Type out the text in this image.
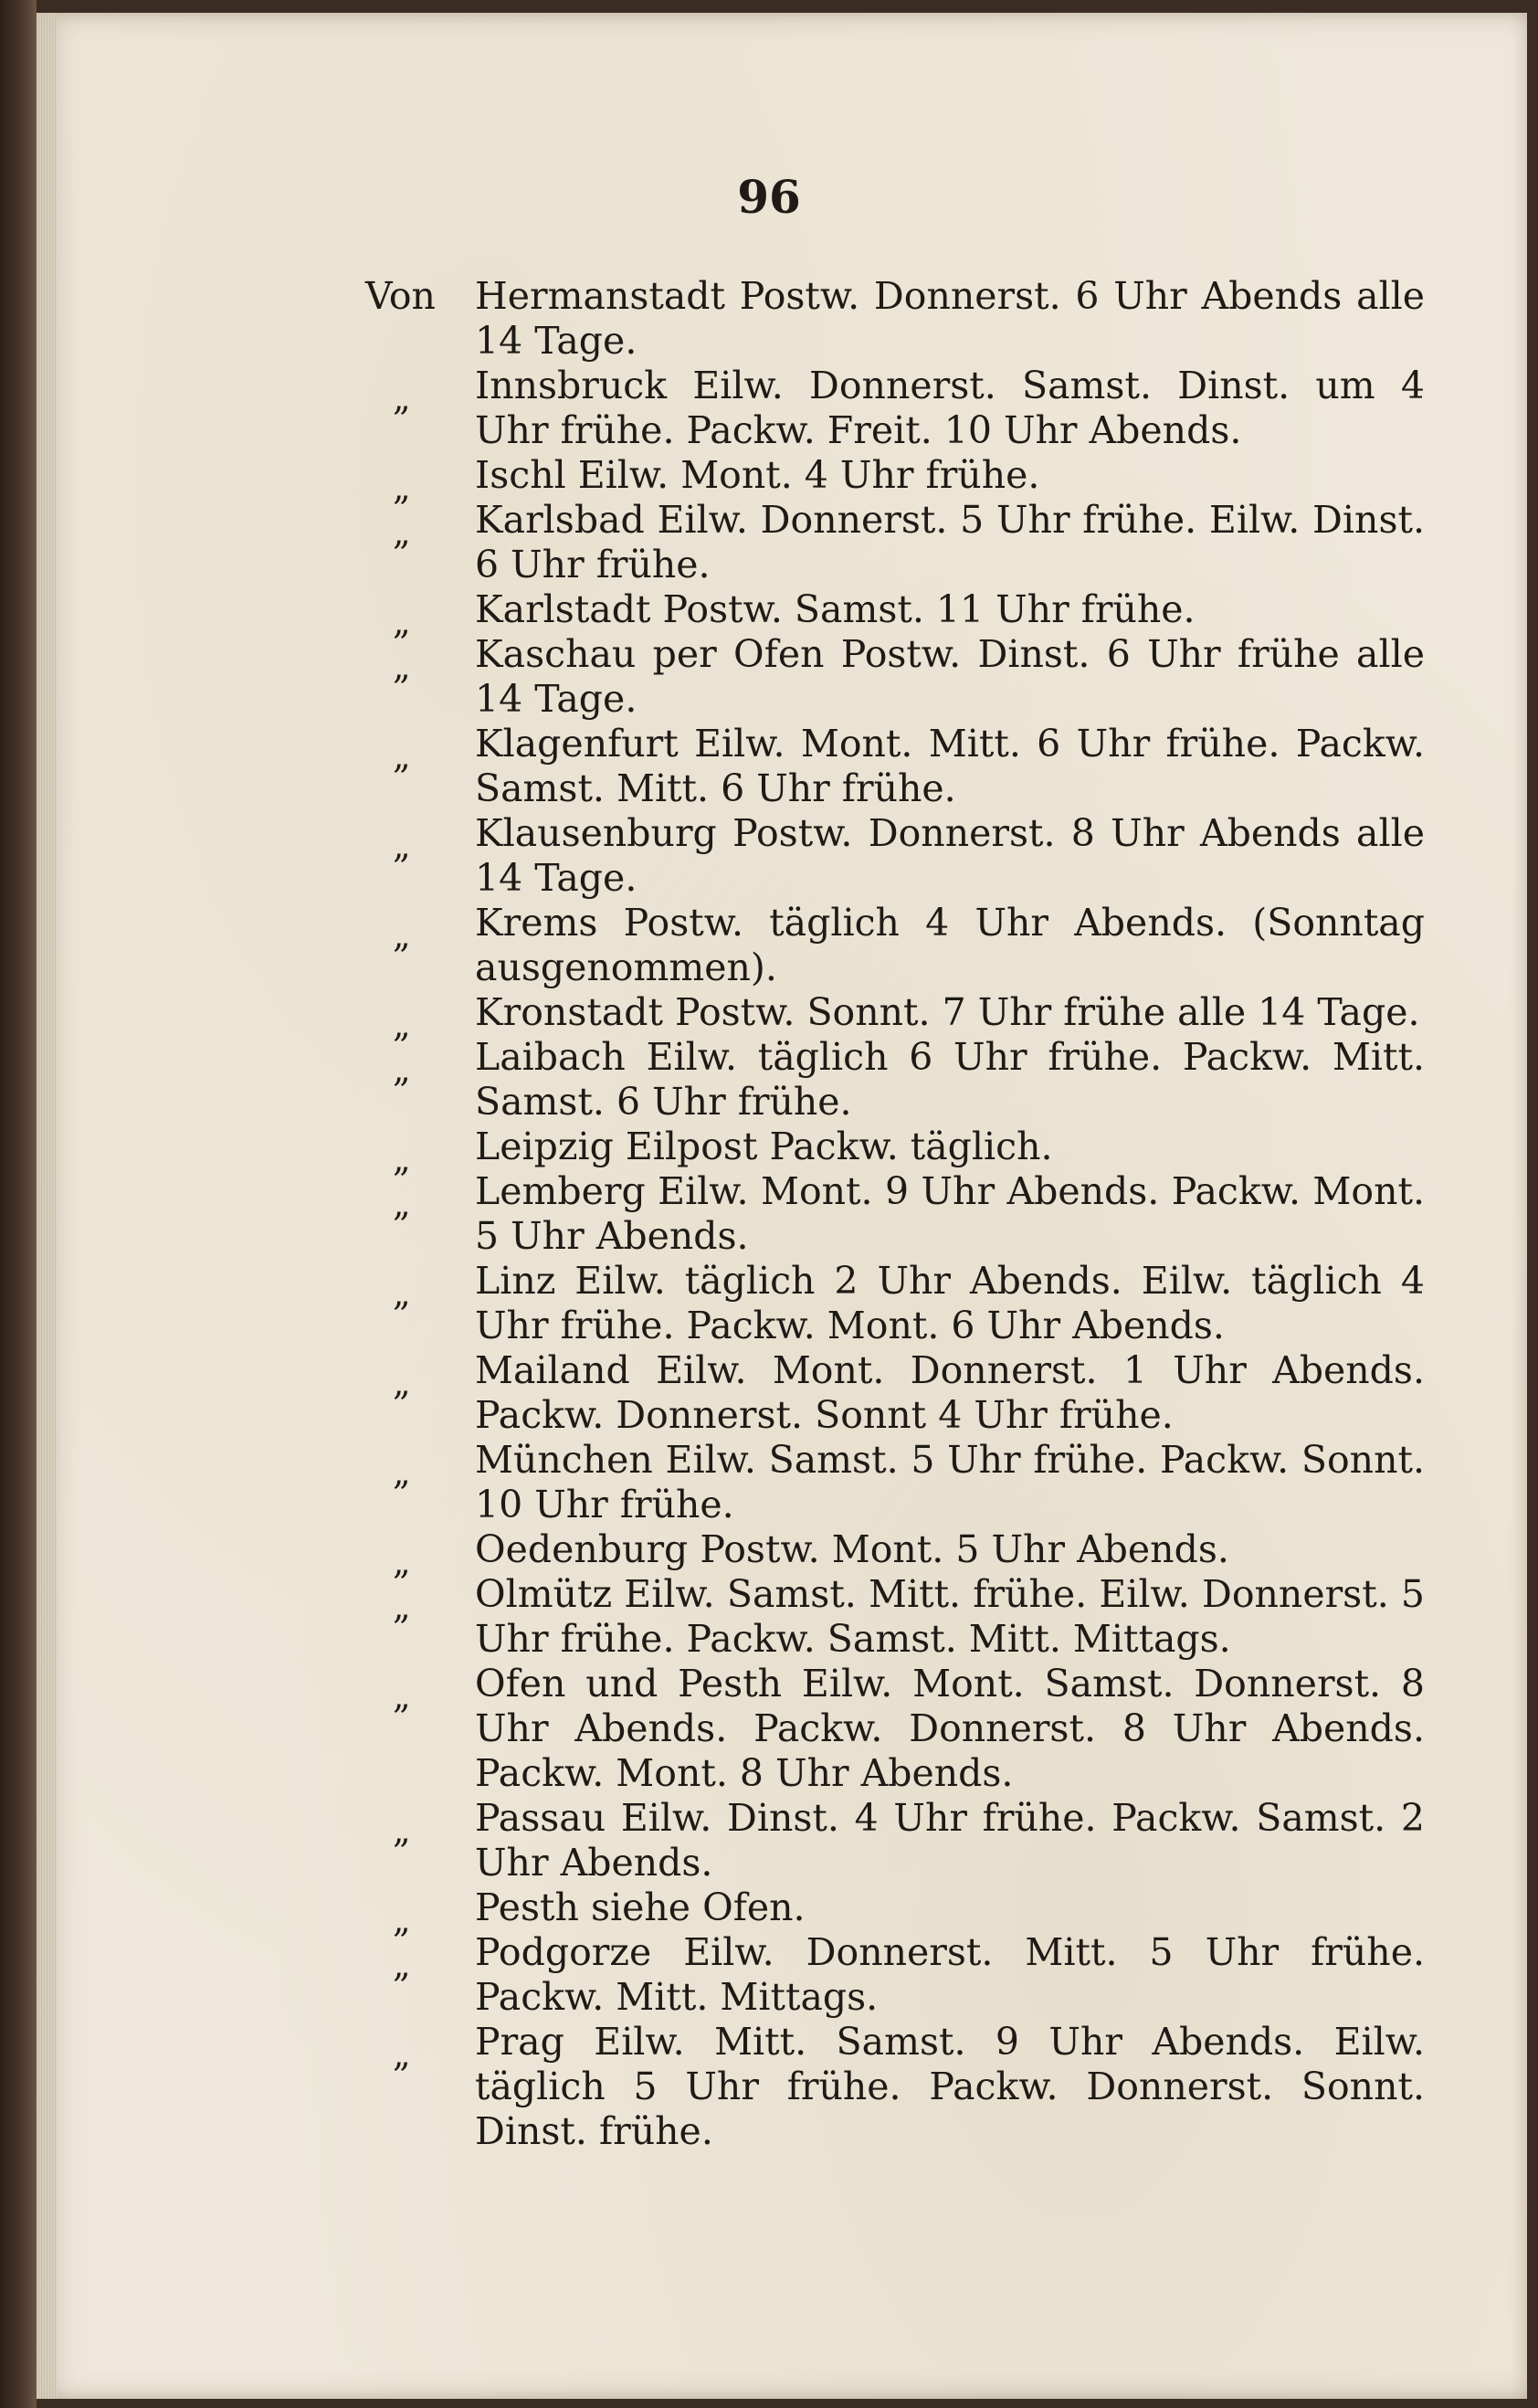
96
Von Hermanstadt Postw. Donnerst. 6 Uhr Abends alle 14 Tage.
„ Innsbruck Eilw. Donnerst. Samst. Dinst. um 4 Uhr frühe. Packw. Freit. 10 Uhr Abends.
„ Ischl Eilw. Mont. 4 Uhr frühe.
„ Karlsbad Eilw. Donnerst. 5 Uhr frühe. Eilw. Dinst. 6 Uhr frühe.
„ Karlstadt Postw. Samst. 11 Uhr frühe.
„ Kaschau per Ofen Postw. Dinst. 6 Uhr frühe alle 14 Tage.
„ Klagenfurt Eilw. Mont. Mitt. 6 Uhr frühe. Packw. Samst. Mitt. 6 Uhr frühe.
„ Klausenburg Postw. Donnerst. 8 Uhr Abends alle 14 Tage.
„ Krems Postw. täglich 4 Uhr Abends. (Sonntag ausgenommen).
„ Kronstadt Postw. Sonnt. 7 Uhr frühe alle 14 Tage.
„ Laibach Eilw. täglich 6 Uhr frühe. Packw. Mitt. Samst. 6 Uhr frühe.
„ Leipzig Eilpost Packw. täglich.
„ Lemberg Eilw. Mont. 9 Uhr Abends. Packw. Mont. 5 Uhr Abends.
„ Linz Eilw. täglich 2 Uhr Abends. Eilw. täglich 4 Uhr frühe. Packw. Mont. 6 Uhr Abends.
„ Mailand Eilw. Mont. Donnerst. 1 Uhr Abends. Packw. Donnerst. Sonnt 4 Uhr frühe.
„ München Eilw. Samst. 5 Uhr frühe. Packw. Sonnt. 10 Uhr frühe.
„ Oedenburg Postw. Mont. 5 Uhr Abends.
„ Olmütz Eilw. Samst. Mitt. frühe. Eilw. Donnerst. 5 Uhr frühe. Packw. Samst. Mitt. Mittags.
„ Ofen und Pesth Eilw. Mont. Samst. Donnerst. 8 Uhr Abends. Packw. Donnerst. 8 Uhr Abends. Packw. Mont. 8 Uhr Abends.
„ Passau Eilw. Dinst. 4 Uhr frühe. Packw. Samst. 2 Uhr Abends.
„ Pesth siehe Ofen.
„ Podgorze Eilw. Donnerst. Mitt. 5 Uhr frühe. Packw. Mitt. Mittags.
„ Prag Eilw. Mitt. Samst. 9 Uhr Abends. Eilw. täglich 5 Uhr frühe. Packw. Donnerst. Sonnt. Dinst. frühe.
